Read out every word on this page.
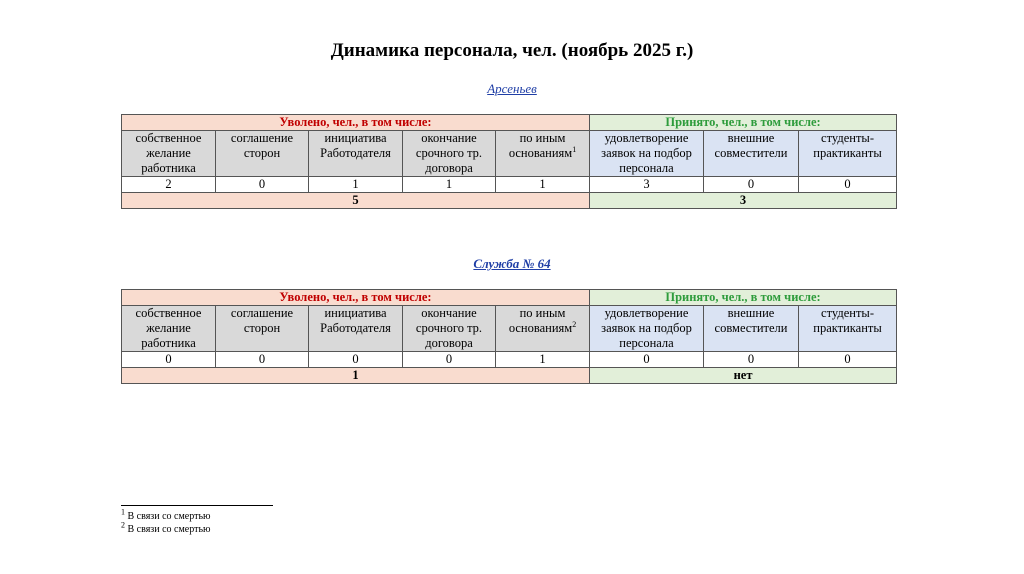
Динамика персонала, чел. (ноябрь 2025 г.)
Арсеньев
Уволено, чел., в том числе:					Принято, чел., в том числе:		
собственное желание работника	соглашение сторон	инициатива Работодателя	окончание срочного тр. договора	по иным основаниям$^1$	удовлетворение заявок на подбор персонала	внешние совместители	студенты-практиканты
2	0	1	1	1	3	0	0
5					3		
Служба № 64
Уволено, чел., в том числе:					Принято, чел., в том числе:		
собственное желание работника	соглашение сторон	инициатива Работодателя	окончание срочного тр. договора	по иным основаниям$^2$	удовлетворение заявок на подбор персонала	внешние совместители	студенты-практиканты
0	0	0	0	1	0	0	0
1					нет		
$^1$ В связи со смертью
$^2$ В связи со смертью
